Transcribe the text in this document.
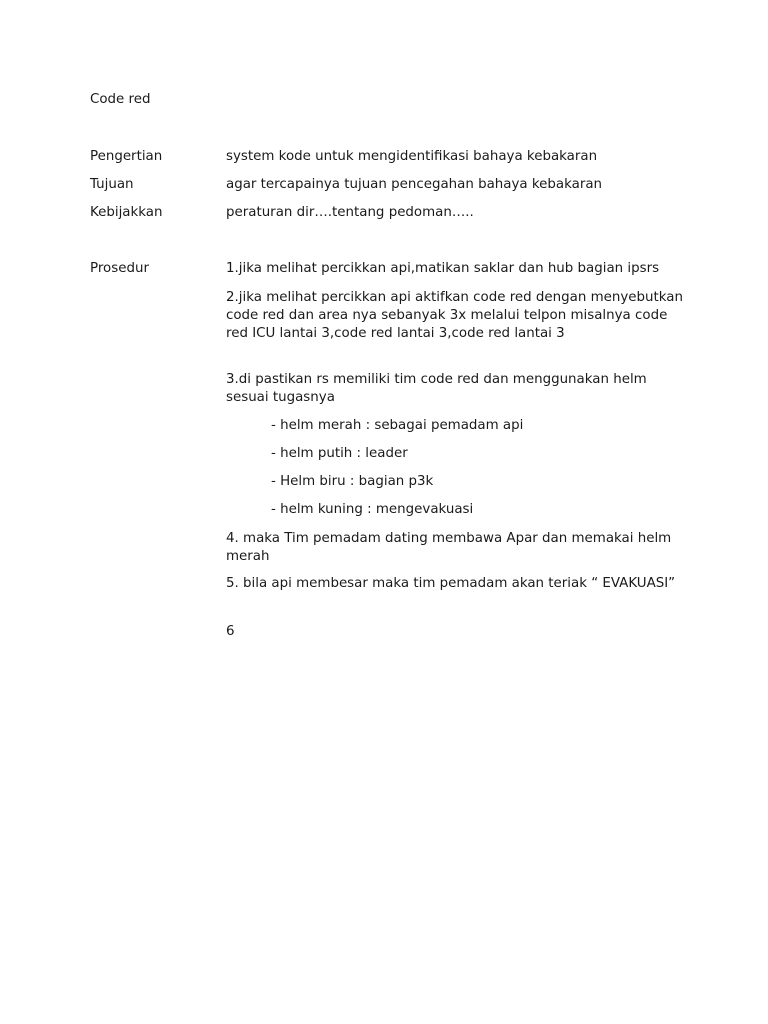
Code red
Pengertian	system kode untuk mengidentifikasi bahaya kebakaran
Tujuan	agar tercapainya tujuan pencegahan bahaya kebakaran
Kebijakkan	peraturan dir….tentang pedoman…..
Prosedur	1.jika melihat percikkan api,matikan saklar dan hub bagian ipsrs
2.jika melihat percikkan api aktifkan code red dengan menyebutkan code red dan area nya sebanyak 3x melalui telpon misalnya code red ICU lantai 3,code red lantai 3,code red lantai 3
3.di pastikan rs memiliki tim code red dan menggunakan helm sesuai tugasnya
- helm merah : sebagai pemadam api
- helm putih : leader
- Helm biru : bagian p3k
- helm kuning : mengevakuasi
4. maka Tim pemadam dating membawa Apar dan memakai helm merah
5. bila api membesar maka tim pemadam akan teriak “ EVAKUASI”
6
